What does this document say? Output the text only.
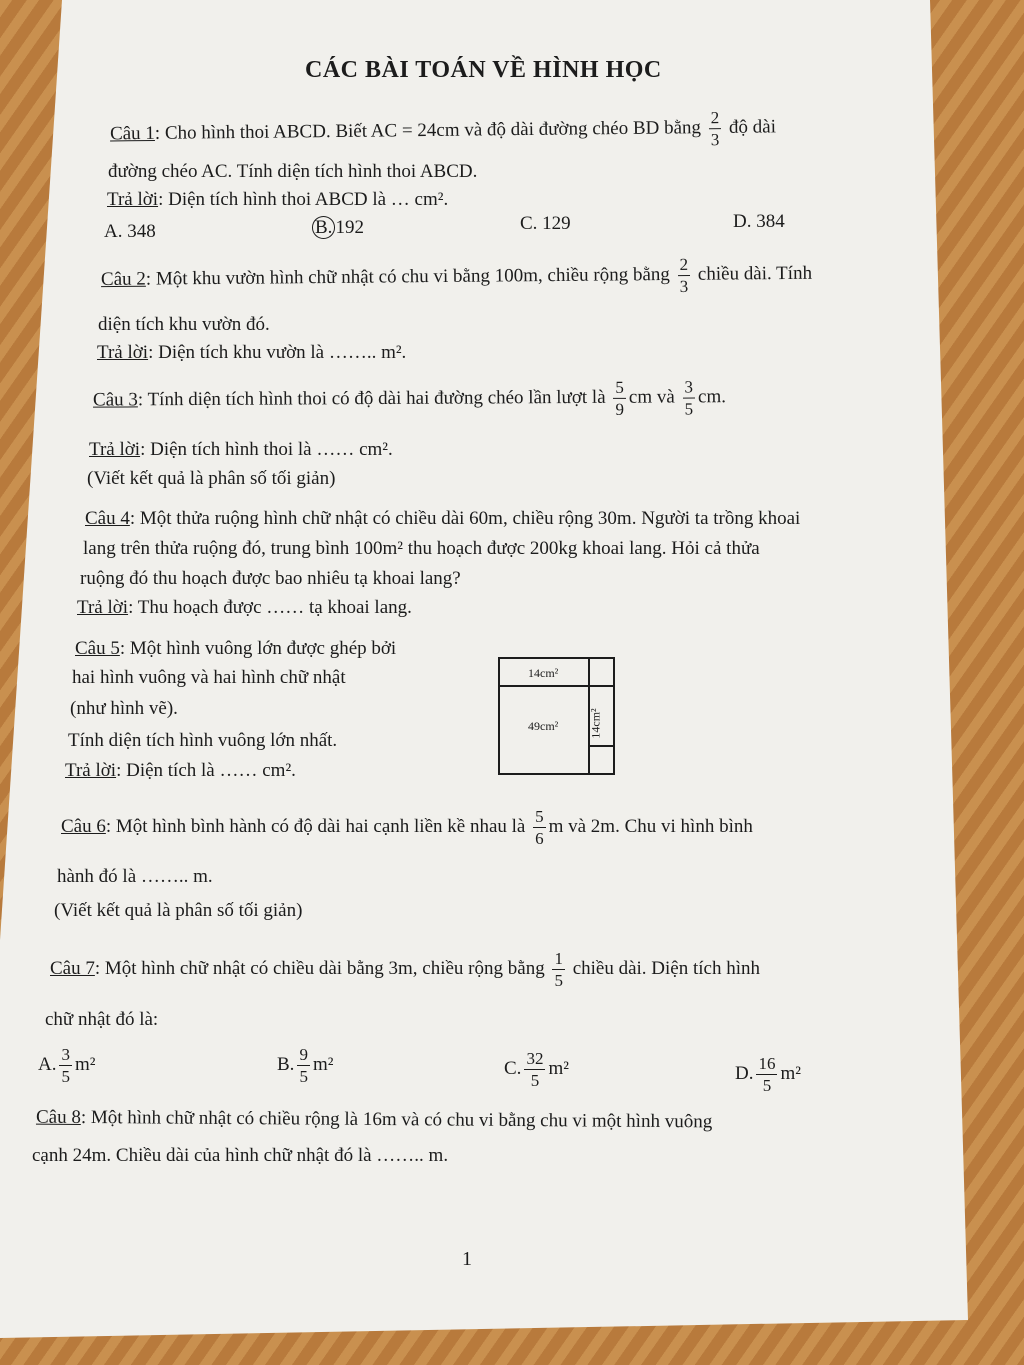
CÁC BÀI TOÁN VỀ HÌNH HỌC
Câu 1: Cho hình thoi ABCD. Biết AC = 24cm và độ dài đường chéo BD bằng $\frac{2}{3}$ độ dài
đường chéo AC. Tính diện tích hình thoi ABCD.
Trả lời: Diện tích hình thoi ABCD là … cm².
A. 348	B. 192	C. 129	D. 384
Câu 2: Một khu vườn hình chữ nhật có chu vi bằng 100m, chiều rộng bằng $\frac{2}{3}$ chiều dài. Tính
diện tích khu vườn đó.
Trả lời: Diện tích khu vườn là …….. m².
Câu 3: Tính diện tích hình thoi có độ dài hai đường chéo lần lượt là $\frac{5}{9}$ cm và $\frac{3}{5}$ cm.
Trả lời: Diện tích hình thoi là …… cm².
(Viết kết quả là phân số tối giản)
Câu 4: Một thửa ruộng hình chữ nhật có chiều dài 60m, chiều rộng 30m. Người ta trồng khoai
lang trên thửa ruộng đó, trung bình 100m² thu hoạch được 200kg khoai lang. Hỏi cả thửa
ruộng đó thu hoạch được bao nhiêu tạ khoai lang?
Trả lời: Thu hoạch được …… tạ khoai lang.
Câu 5: Một hình vuông lớn được ghép bởi
hai hình vuông và hai hình chữ nhật
(như hình vẽ).
Tính diện tích hình vuông lớn nhất.
Trả lời: Diện tích là …… cm².
14cm²
49cm²	14cm²
Câu 6: Một hình bình hành có độ dài hai cạnh liền kề nhau là $\frac{5}{6}$ m và 2m. Chu vi hình bình
hành đó là …….. m.
(Viết kết quả là phân số tối giản)
Câu 7: Một hình chữ nhật có chiều dài bằng 3m, chiều rộng bằng $\frac{1}{5}$ chiều dài. Diện tích hình
chữ nhật đó là:
A. $\frac{3}{5} m^2$	B. $\frac{9}{5} m^2$	C. $\frac{32}{5} m^2$	D. $\frac{16}{5} m^2$
Câu 8: Một hình chữ nhật có chiều rộng là 16m và có chu vi bằng chu vi một hình vuông
cạnh 24m. Chiều dài của hình chữ nhật đó là …….. m.
1
